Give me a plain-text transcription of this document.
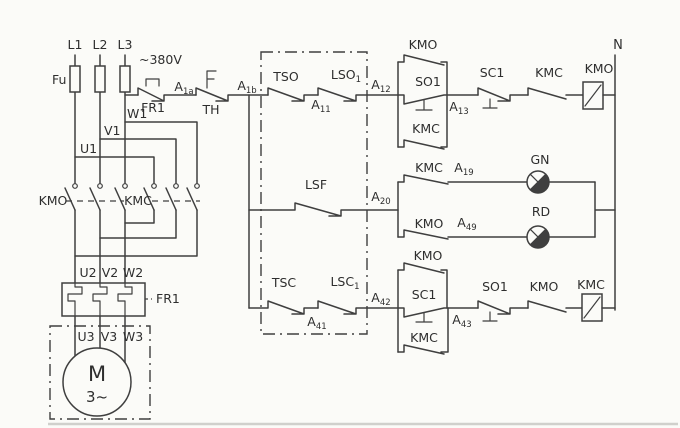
L1 L2 L3
~380V
Fu
U1
V1
W1
FR1
$A_{1a}$
TH
$A_{1b}$
TSO
$A_{11}$
$LSO_1$ $A_{12}$
KMO
SO1
$A_{13}$
KMC
SC1 KMC KMO
N
LSF
$A_{20}$
KMC $A_{19}$
GN
KMO $A_{49}$
RD
TSC	$LSC_1$
$A_{41}$
$A_{42}$
KMO
SC1
$A_{43}$
KMC
SO1 KMO KMC
KMO	KMC
U2 V2 W2
FR1
U3 V3 W3
M
3~
